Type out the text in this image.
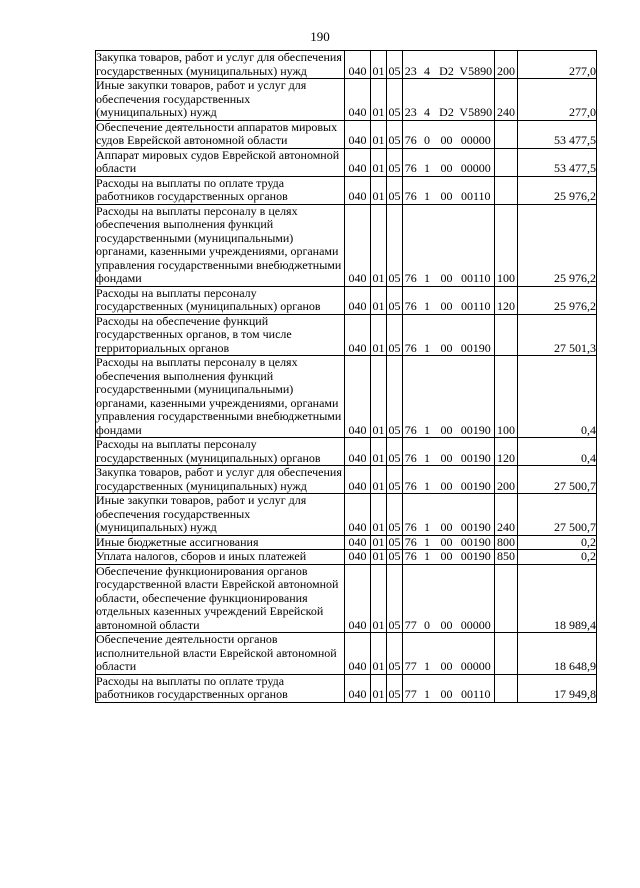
190
Закупка товаров, работ и услуг для обеспечения государственных (муниципальных) нужд	040	01	05	23	4	D2	V5890	200	277,0
Иные закупки товаров, работ и услуг для обеспечения государственных (муниципальных) нужд	040	01	05	23	4	D2	V5890	240	277,0
Обеспечение деятельности аппаратов мировых судов Еврейской автономной области	040	01	05	76	0	00	00000		53 477,5
Аппарат мировых судов Еврейской автономной области	040	01	05	76	1	00	00000		53 477,5
Расходы на выплаты по оплате труда работников государственных органов	040	01	05	76	1	00	00110		25 976,2
Расходы на выплаты персоналу в целях обеспечения выполнения функций государственными (муниципальными) органами, казенными учреждениями, органами управления государственными внебюджетными фондами	040	01	05	76	1	00	00110	100	25 976,2
Расходы на выплаты персоналу государственных (муниципальных) органов	040	01	05	76	1	00	00110	120	25 976,2
Расходы на обеспечение функций государственных органов, в том числе территориальных органов	040	01	05	76	1	00	00190		27 501,3
Расходы на выплаты персоналу в целях обеспечения выполнения функций государственными (муниципальными) органами, казенными учреждениями, органами управления государственными внебюджетными фондами	040	01	05	76	1	00	00190	100	0,4
Расходы на выплаты персоналу государственных (муниципальных) органов	040	01	05	76	1	00	00190	120	0,4
Закупка товаров, работ и услуг для обеспечения государственных (муниципальных) нужд	040	01	05	76	1	00	00190	200	27 500,7
Иные закупки товаров, работ и услуг для обеспечения государственных (муниципальных) нужд	040	01	05	76	1	00	00190	240	27 500,7
Иные бюджетные ассигнования	040	01	05	76	1	00	00190	800	0,2
Уплата налогов, сборов и иных платежей	040	01	05	76	1	00	00190	850	0,2
Обеспечение функционирования органов государственной власти Еврейской автономной области, обеспечение функционирования отдельных казенных учреждений Еврейской автономной области	040	01	05	77	0	00	00000		18 989,4
Обеспечение деятельности органов исполнительной власти Еврейской автономной области	040	01	05	77	1	00	00000		18 648,9
Расходы на выплаты по оплате труда работников государственных органов	040	01	05	77	1	00	00110		17 949,8
